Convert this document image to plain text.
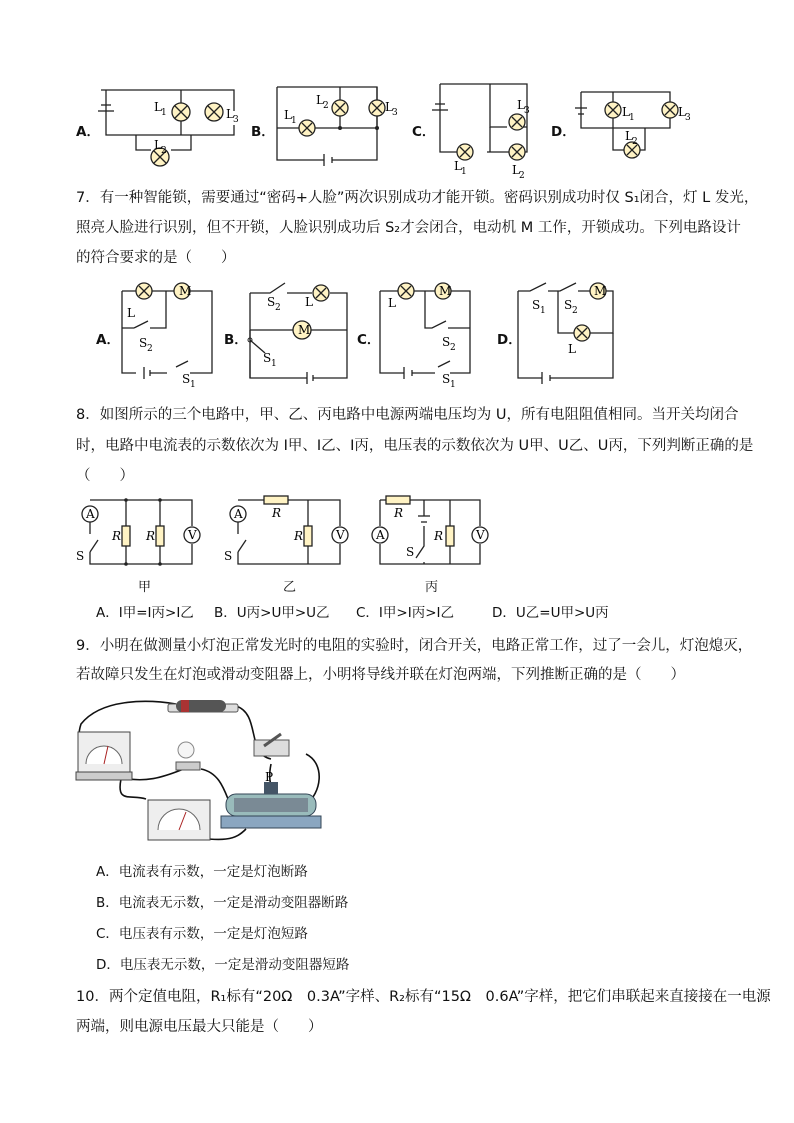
A．	B．	C．	D．
L 1	L 3
L 2
L 1
L 2	L 3
L 3
L 1	L 2
L 1	L 3
L 2
7．有一种智能锁，需要通过“密码+人脸”两次识别成功才能开锁。密码识别成功时仅 S₁闭合，灯 L 发光，
照亮人脸进行识别，但不开锁，人脸识别成功后 S₂才会闭合，电动机 M 工作，开锁成功。下列电路设计
的符合要求的是（　　）
A．	B．	C．	D．
M
L
S 2
S 1
M
S 2 L
S 1
M
L
S 2
S 1
M
S 1 S 2
L
8．如图所示的三个电路中，甲、乙、丙电路中电源两端电压均为 U，所有电阻阻值相同。当开关均闭合
时，电路中电流表的示数依次为 I甲、I乙、I丙，电压表的示数依次为 U甲、U乙、U丙，下列判断正确的是
（　　）
A
V
R R
S
A
V
R
R
S
A	V
R
R
S
甲	乙	丙
A．I甲=I丙>I乙 B．U丙>U甲>U乙 C．I甲>I丙>I乙	D．U乙=U甲>U丙
9．小明在做测量小灯泡正常发光时的电阻的实验时，闭合开关，电路正常工作，过了一会儿，灯泡熄灭，
若故障只发生在灯泡或滑动变阻器上，小明将导线并联在灯泡两端，下列推断正确的是（　　）
P
A．电流表有示数，一定是灯泡断路
B．电流表无示数，一定是滑动变阻器断路
C．电压表有示数，一定是灯泡短路
D．电压表无示数，一定是滑动变阻器短路
10．两个定值电阻，R₁标有“20Ω　0.3A”字样、R₂标有“15Ω　0.6A”字样，把它们串联起来直接接在一电源
两端，则电源电压最大只能是（　　）
